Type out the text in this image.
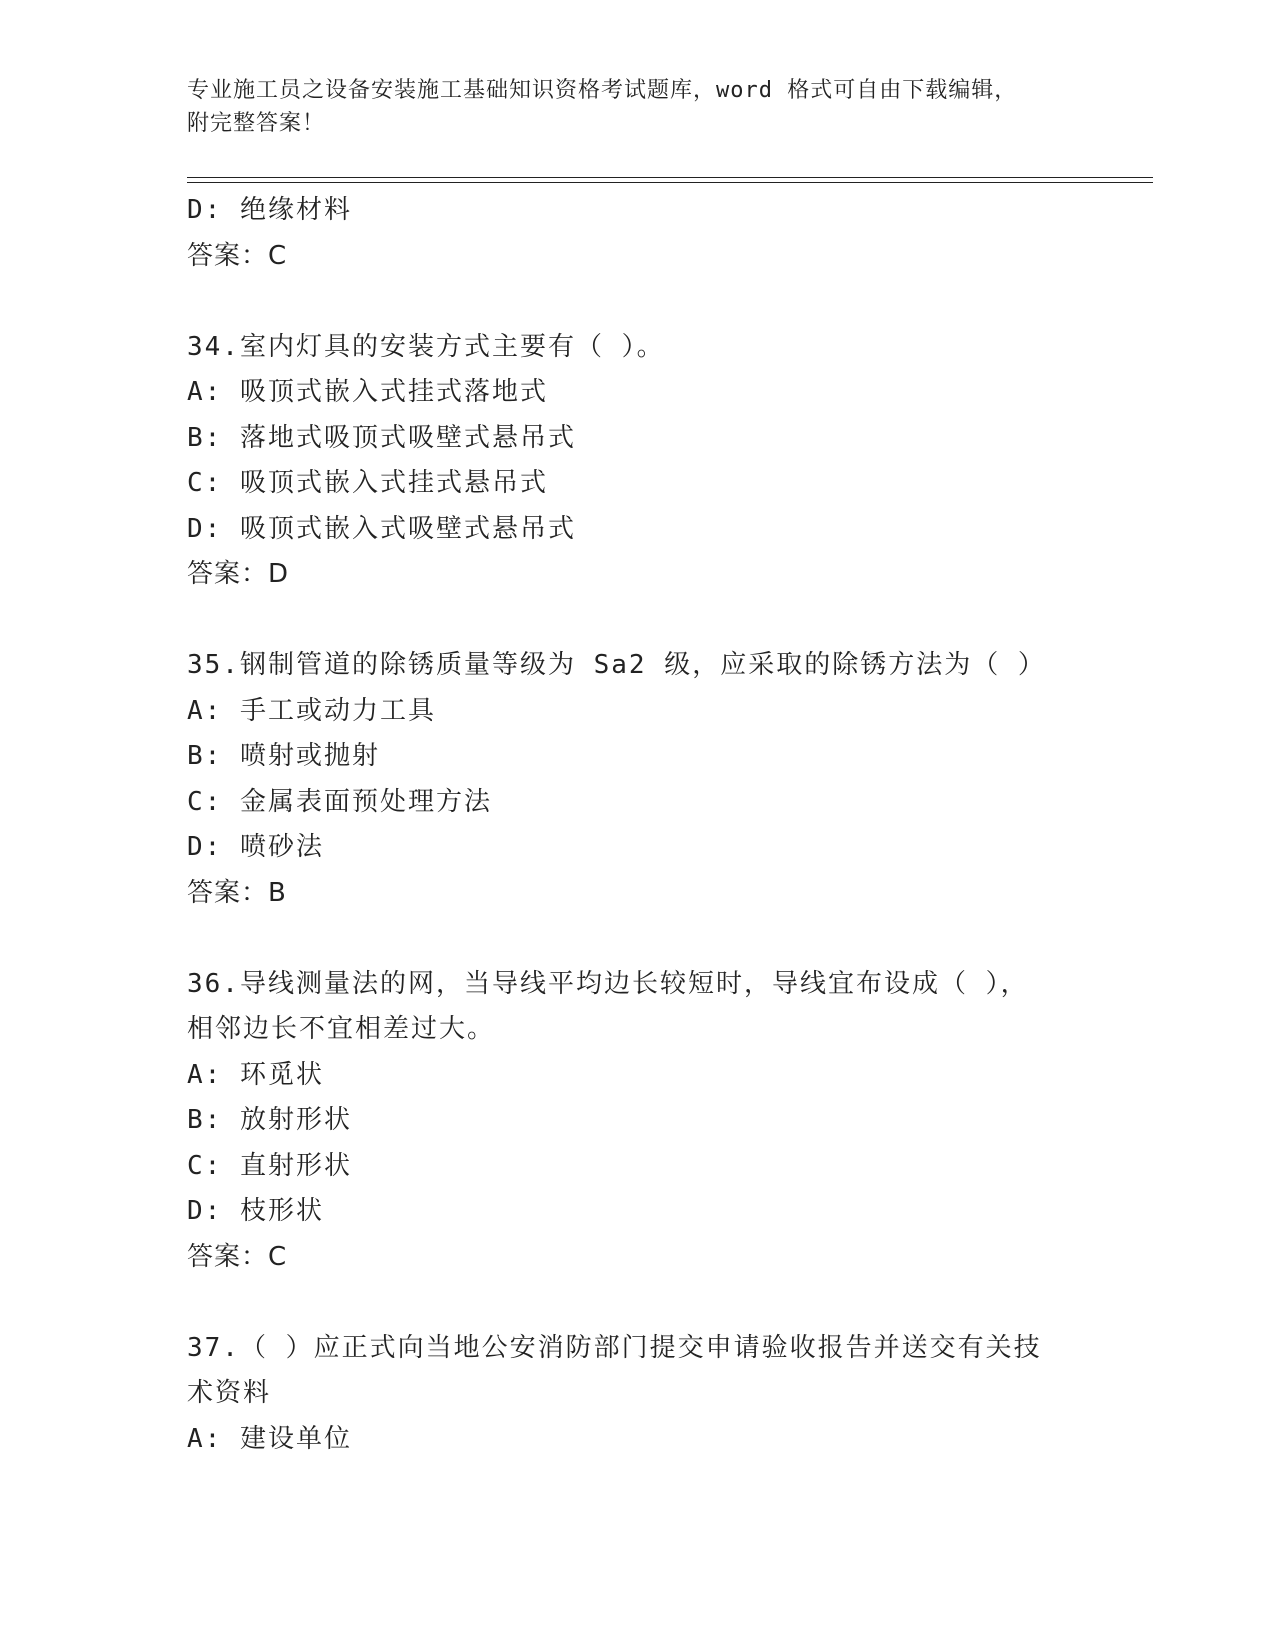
专业施工员之设备安装施工基础知识资格考试题库，word 格式可自由下载编辑，
附完整答案！
D: 绝缘材料
答案：C
34.室内灯具的安装方式主要有（ ）。
A: 吸顶式嵌入式挂式落地式
B: 落地式吸顶式吸壁式悬吊式
C: 吸顶式嵌入式挂式悬吊式
D: 吸顶式嵌入式吸壁式悬吊式
答案：D
35.钢制管道的除锈质量等级为 Sa2 级，应采取的除锈方法为（ ）
A: 手工或动力工具
B: 喷射或抛射
C: 金属表面预处理方法
D: 喷砂法
答案：B
36.导线测量法的网，当导线平均边长较短时，导线宜布设成（ ），
相邻边长不宜相差过大。
A: 环觅状
B: 放射形状
C: 直射形状
D: 枝形状
答案：C
37.（ ）应正式向当地公安消防部门提交申请验收报告并送交有关技
术资料
A: 建设单位
